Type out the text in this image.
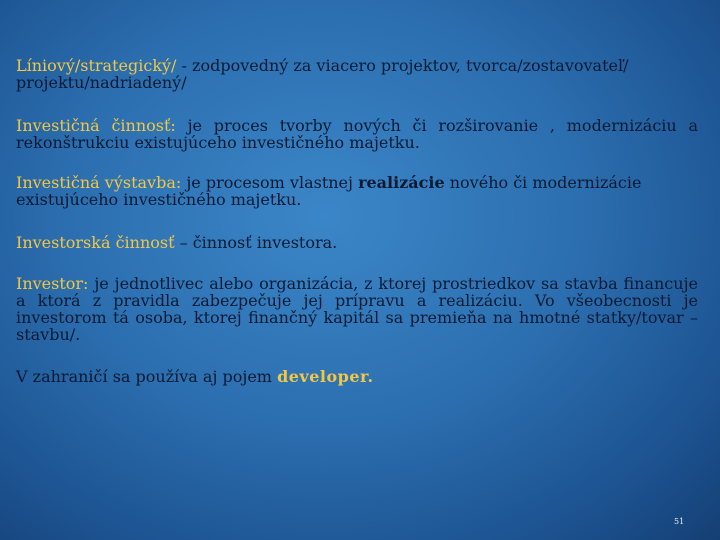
Líniový/strategický/ - zodpovedný za viacero projektov, tvorca/zostavovateľ/ projektu/nadriadený/

Investičná činnosť: je proces tvorby nových či rozširovanie , modernizáciu a rekonštrukciu existujúceho investičného majetku.

Investičná výstavba: je procesom vlastnej realizácie nového či modernizácie existujúceho investičného majetku.

Investorská činnosť – činnosť investora.

Investor: je jednotlivec alebo organizácia, z ktorej prostriedkov sa stavba financuje a ktorá z pravidla zabezpečuje jej prípravu a realizáciu. Vo všeobecnosti je investorom tá osoba, ktorej finančný kapitál sa premieňa na hmotné statky/tovar – stavbu/.

V zahraničí sa používa aj pojem developer.

51
